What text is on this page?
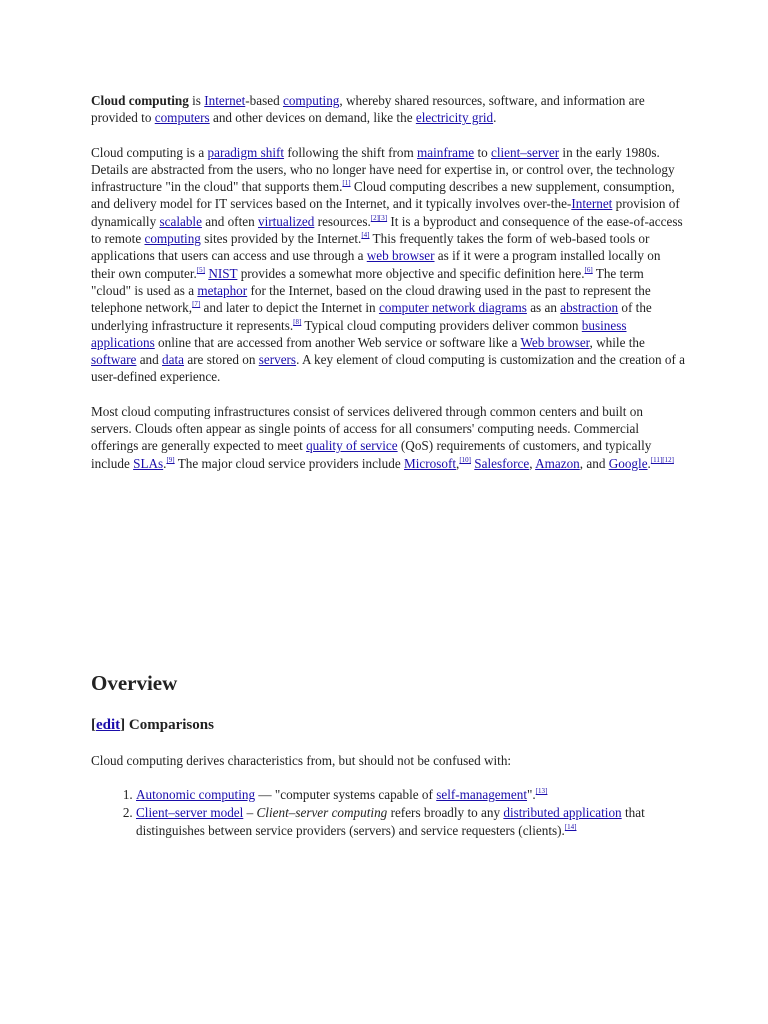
Cloud computing is Internet-based computing, whereby shared resources, software, and information are provided to computers and other devices on demand, like the electricity grid.

Cloud computing is a paradigm shift following the shift from mainframe to client–server in the early 1980s. Details are abstracted from the users, who no longer have need for expertise in, or control over, the technology infrastructure "in the cloud" that supports them.[1] Cloud computing describes a new supplement, consumption, and delivery model for IT services based on the Internet, and it typically involves over-the-Internet provision of dynamically scalable and often virtualized resources.[2][3] It is a byproduct and consequence of the ease-of-access to remote computing sites provided by the Internet.[4] This frequently takes the form of web-based tools or applications that users can access and use through a web browser as if it were a program installed locally on their own computer.[5] NIST provides a somewhat more objective and specific definition here.[6] The term "cloud" is used as a metaphor for the Internet, based on the cloud drawing used in the past to represent the telephone network,[7] and later to depict the Internet in computer network diagrams as an abstraction of the underlying infrastructure it represents.[8] Typical cloud computing providers deliver common business applications online that are accessed from another Web service or software like a Web browser, while the software and data are stored on servers. A key element of cloud computing is customization and the creation of a user-defined experience.

Most cloud computing infrastructures consist of services delivered through common centers and built on servers. Clouds often appear as single points of access for all consumers' computing needs. Commercial offerings are generally expected to meet quality of service (QoS) requirements of customers, and typically include SLAs.[9] The major cloud service providers include Microsoft,[10] Salesforce, Amazon, and Google.[11][12]

Overview
[edit] Comparisons

Cloud computing derives characteristics from, but should not be confused with:

1. Autonomic computing — "computer systems capable of self-management".[13]
2. Client–server model – Client–server computing refers broadly to any distributed application that distinguishes between service providers (servers) and service requesters (clients).[14]
